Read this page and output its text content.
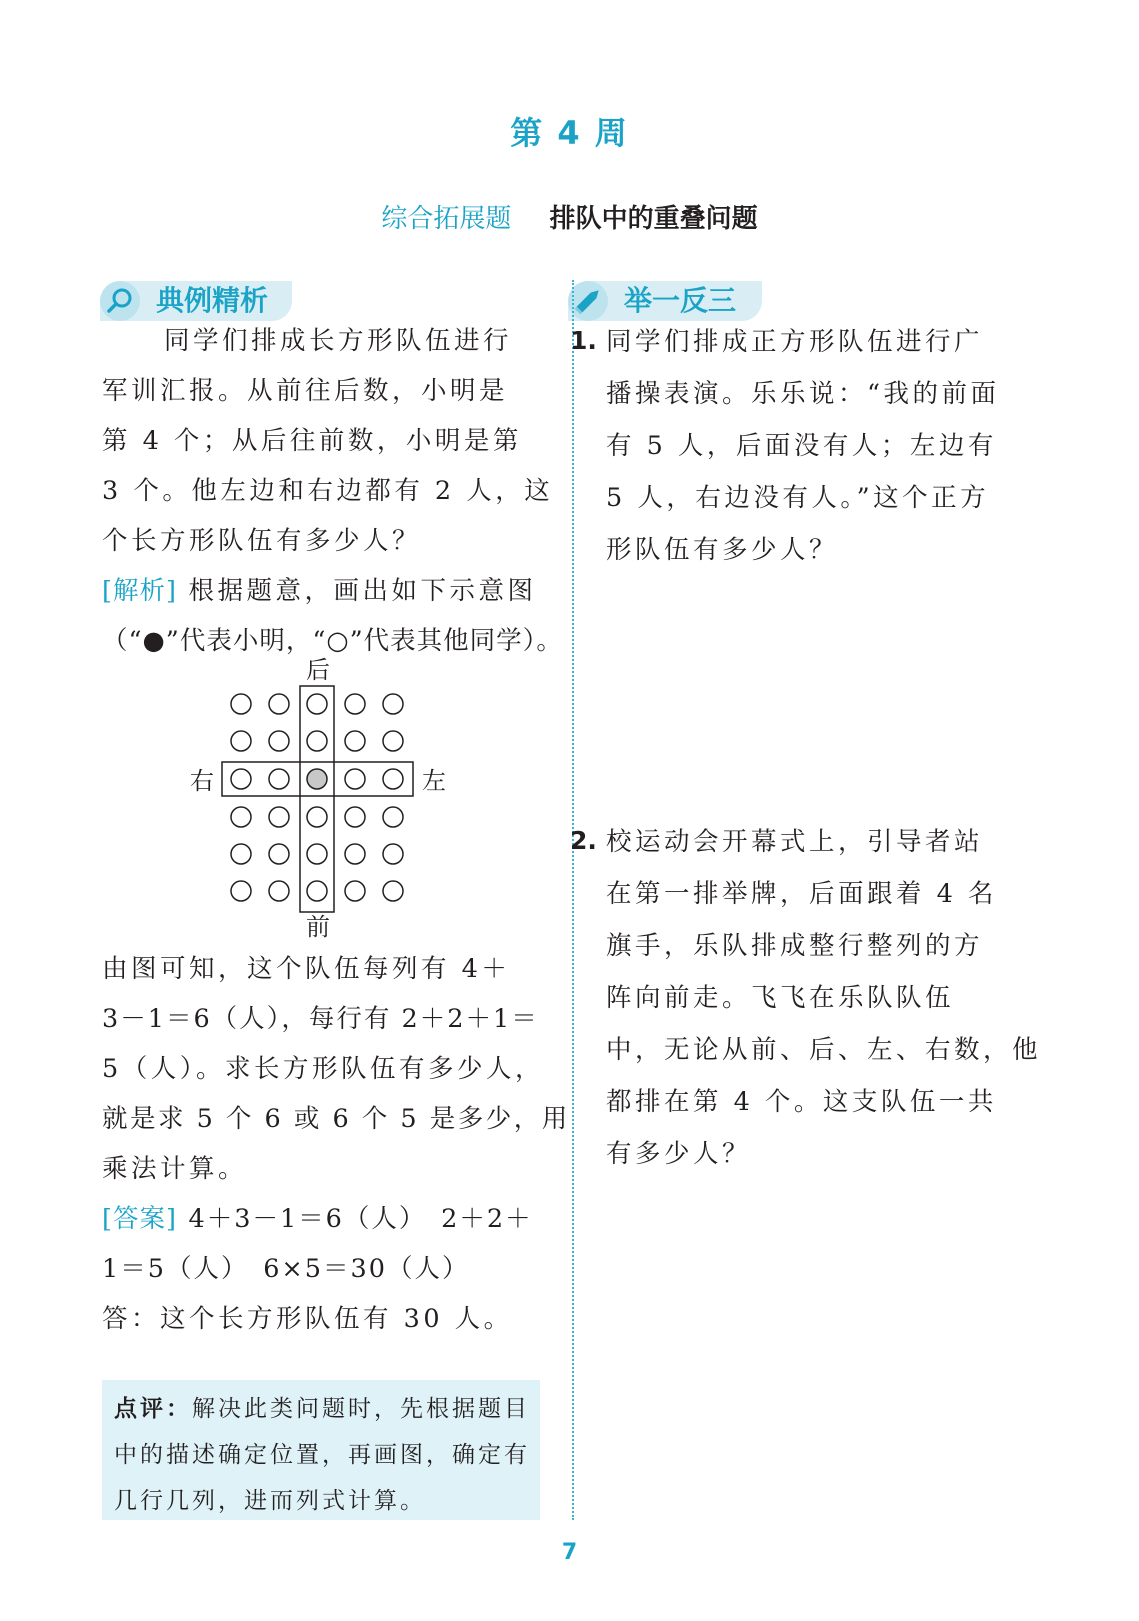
第 4 周
综合拓展题 排队中的重叠问题
典例精析	举一反三
同学们排成长方形队伍进行
军训汇报。从前往后数，小明是
第 4 个；从后往前数，小明是第
3 个。他左边和右边都有 2 人，这
个长方形队伍有多少人？
[解析] 根据题意，画出如下示意图
（“●”代表小明，“○”代表其他同学）。
后
前
右	左
由图可知，这个队伍每列有 4＋
3－1＝6（人），每行有 2＋2＋1＝
5（人）。求长方形队伍有多少人，
就是求 5 个 6 或 6 个 5 是多少，用
乘法计算。
[答案] 4＋3－1＝6（人）　2＋2＋
1＝5（人）　6×5＝30（人）
答：这个长方形队伍有 30 人。

点评：解决此类问题时，先根据题目
中的描述确定位置，再画图，确定有
几行几列，进而列式计算。

1. 同学们排成正方形队伍进行广
播操表演。乐乐说：“我的前面
有 5 人，后面没有人；左边有
5 人，右边没有人。”这个正方
形队伍有多少人？
2. 校运动会开幕式上，引导者站
在第一排举牌，后面跟着 4 名
旗手，乐队排成整行整列的方
阵向前走。飞飞在乐队队伍
中，无论从前、后、左、右数，他
都排在第 4 个。这支队伍一共
有多少人？
7
